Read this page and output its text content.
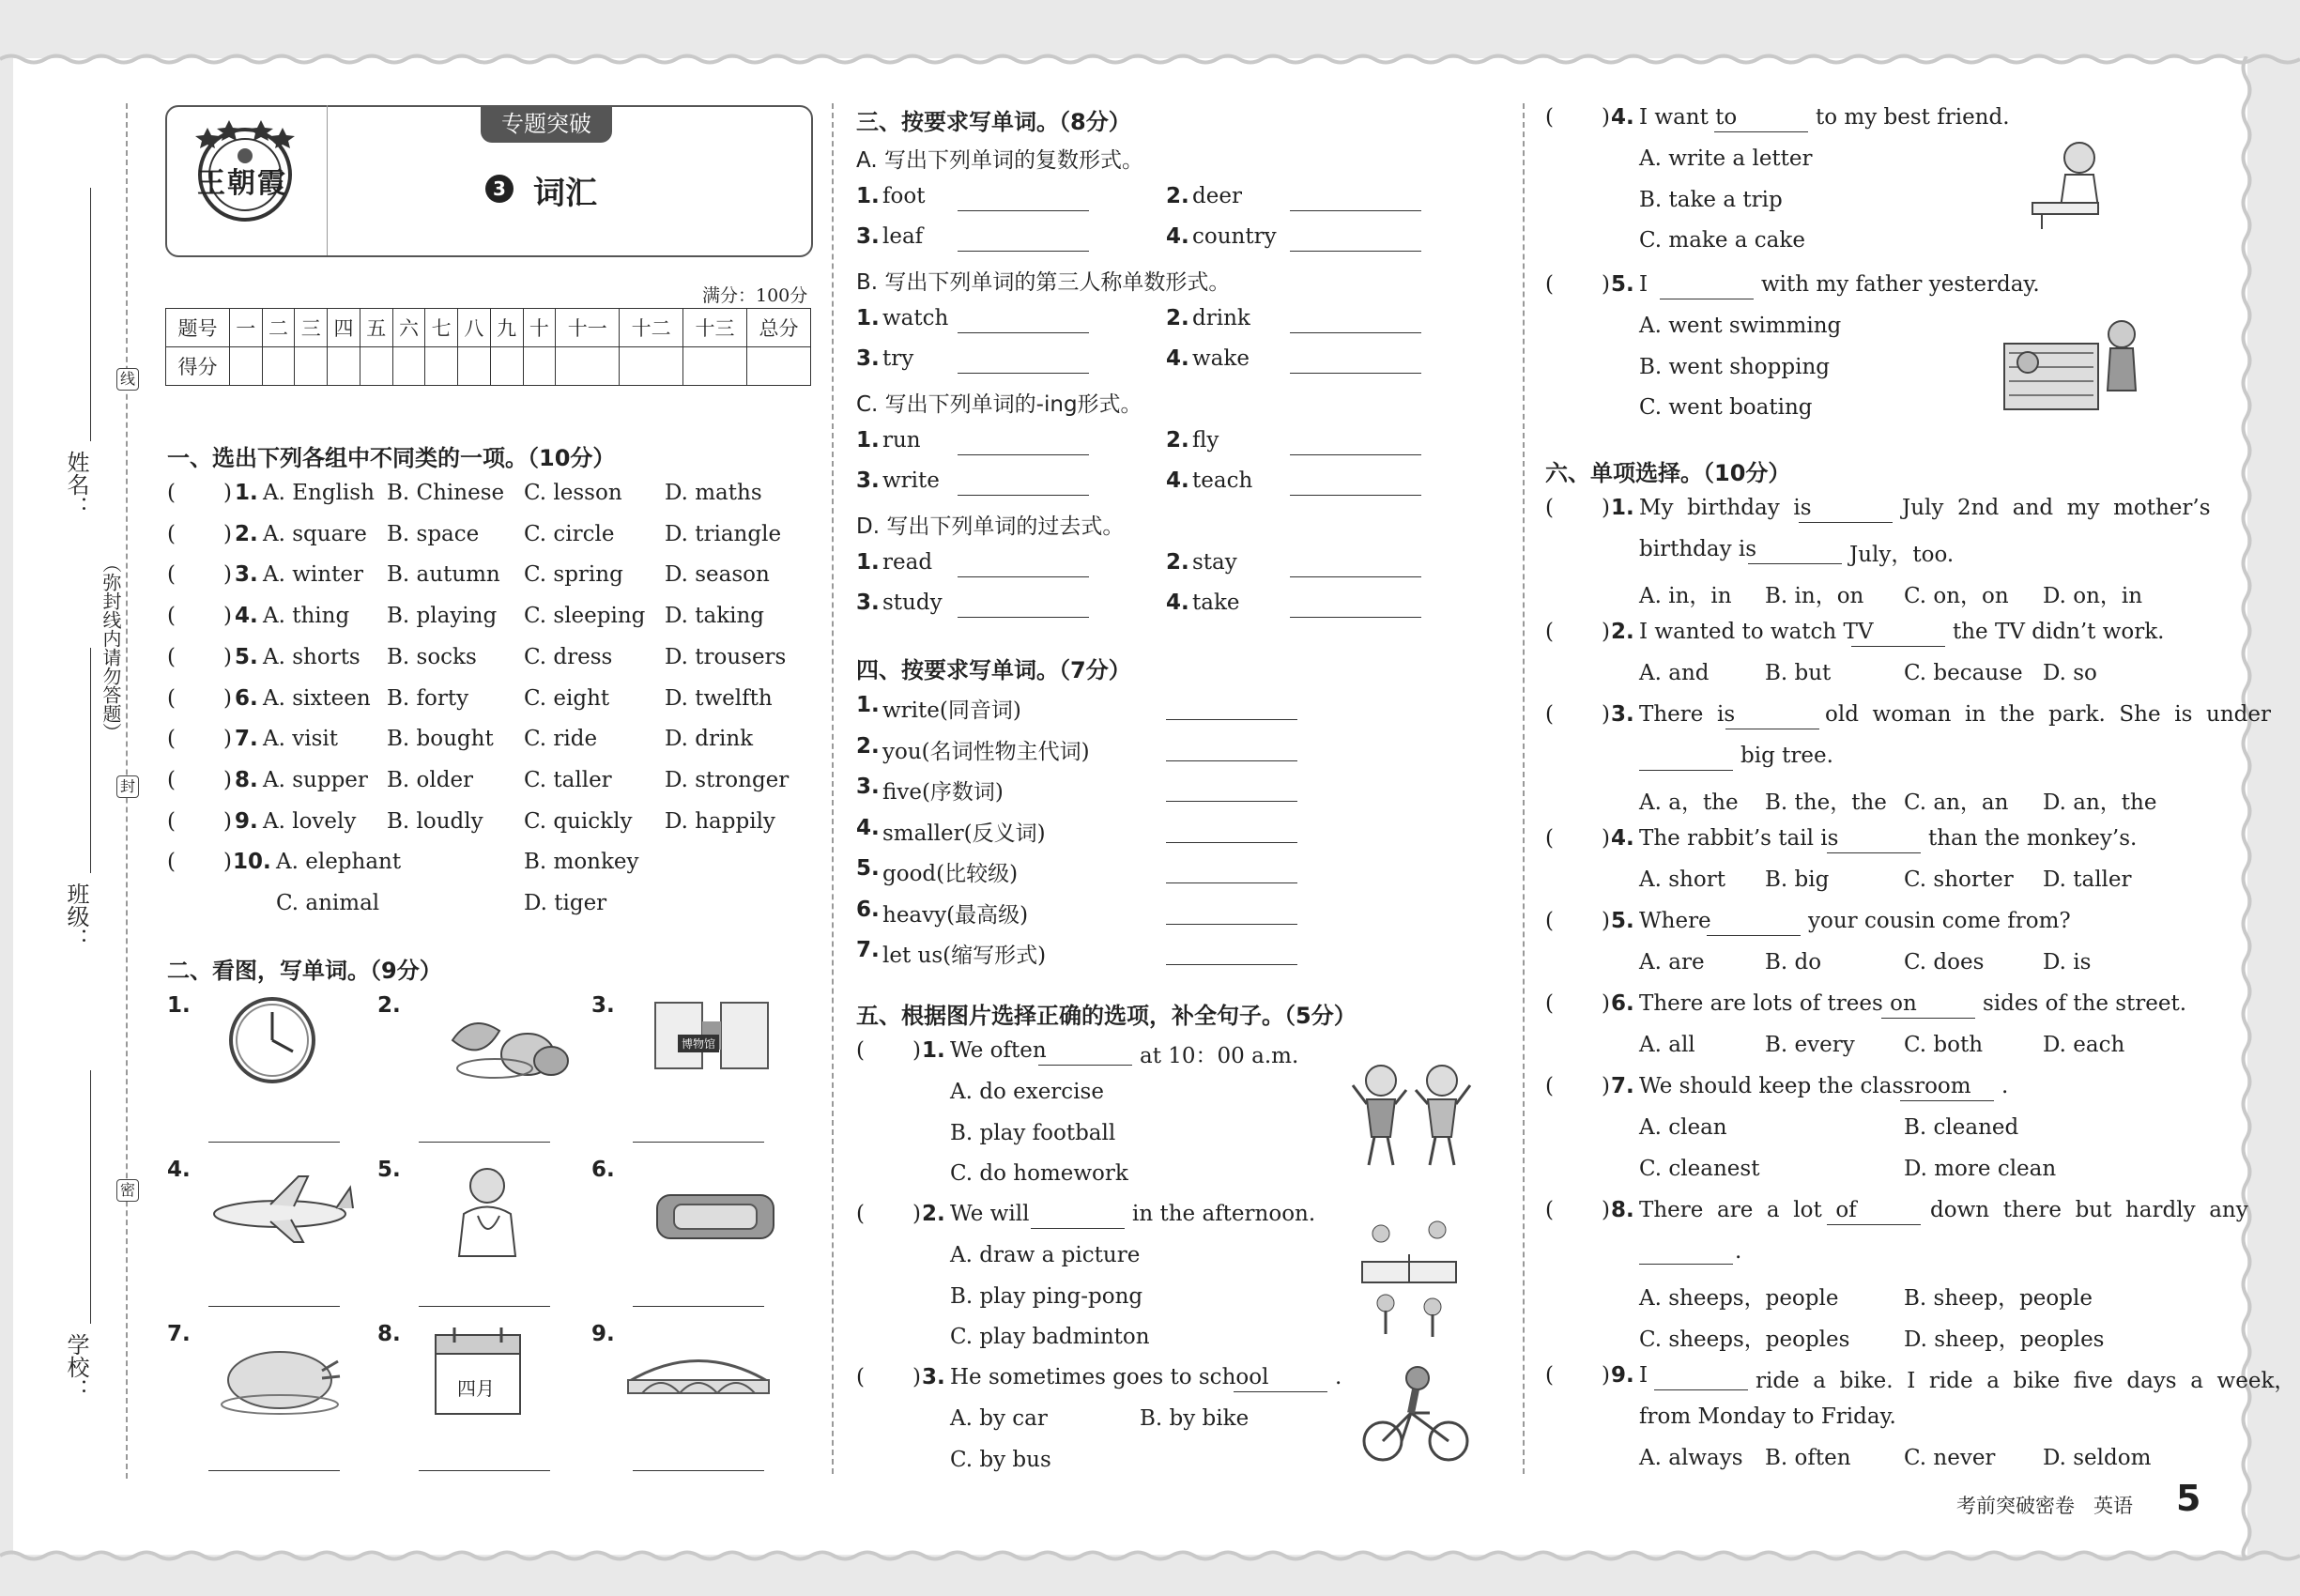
姓名：
班级：
学校：
（弥封线内请勿答题）
线
封
密
王朝霞
专题突破
3 词汇
满分：100分
题号	一	二	三	四	五	六	七	八	九	十	十一	十二	十三	总分
得分														
一、选出下列各组中不同类的一项。（10分）
( ) 1. A. English B. Chinese C. lesson D. maths
( ) 2. A. square B. space C. circle D. triangle
( ) 3. A. winter B. autumn C. spring D. season
( ) 4. A. thing B. playing C. sleeping D. taking
( ) 5. A. shorts B. socks C. dress D. trousers
( ) 6. A. sixteen B. forty	C. eight	D. twelfth
( ) 7. A. visit B. bought C. ride	D. drink
( ) 8. A. supper B. older C. taller D. stronger
( ) 9. A. lovely B. loudly C. quickly D. happily
( ) 10. A. elephant	B. monkey
C. animal	D. tiger
二、看图，写单词。（9分）
1.	2.	3.
4.	5.	6.
7.	8.	9.
四月
博物馆
三、按要求写单词。（8分）
A. 写出下列单词的复数形式。
1. foot	2. deer
3. leaf	4. country
B. 写出下列单词的第三人称单数形式。
1. watch	2. drink
3. try	4. wake
C. 写出下列单词的-ing形式。
1. run	2. fly
3. write	4. teach
D. 写出下列单词的过去式。
1. read	2. stay
3. study	4. take
四、按要求写单词。（7分）
1. write(同音词)
2. you(名词性物主代词)
3. five(序数词)
4. smaller(反义词)
5. good(比较级)
6. heavy(最高级)
7. let us(缩写形式)
五、根据图片选择正确的选项，补全句子。（5分）
( ) 1. We often	at 10：00 a.m.
A. do exercise
B. play football
C. do homework
( ) 2. We will	in the afternoon.
A. draw a picture
B. play ping-pong
C. play badminton
( ) 3. He sometimes goes to school	.
A. by car	B. by bike
C. by bus
( ) 4. I want to	to my best friend.
A. write a letter
B. take a trip
C. make a cake
( ) 5. I	with my father yesterday.
A. went swimming
B. went shopping
C. went boating
六、单项选择。（10分）
( ) 1. My  birthday  is	July  2nd  and  my  mother’s
birthday is	July，too.
A. in，in B. in，on C. on，on D. on，in
( ) 2. I wanted to watch TV	the TV didn’t work.
A. and	B. but	C. because D. so
( ) 3. There  is	old  woman  in  the  park.  She  is  under
big tree.
A. a，the B. the，the C. an，an D. an，the
( ) 4. The rabbit’s tail is	than the monkey’s.
A. short B. big	C. shorter D. taller
( ) 5. Where	your cousin come from?
A. are	B. do	C. does	D. is
( ) 6. There are lots of trees on	sides of the street.
A. all	B. every C. both	D. each
( ) 7. We should keep the classroom .
A. clean	B. cleaned
C. cleanest	D. more clean
( ) 8. There  are  a  lot  of	down  there  but  hardly  any
.
A. sheeps，people	B. sheep，people
C. sheeps，peoples	D. sheep，peoples
( ) 9. I	ride  a  bike.  I  ride  a  bike  five  days  a  week，
from Monday to Friday.
A. always B. often C. never D. seldom
考前突破密卷   英语 5
